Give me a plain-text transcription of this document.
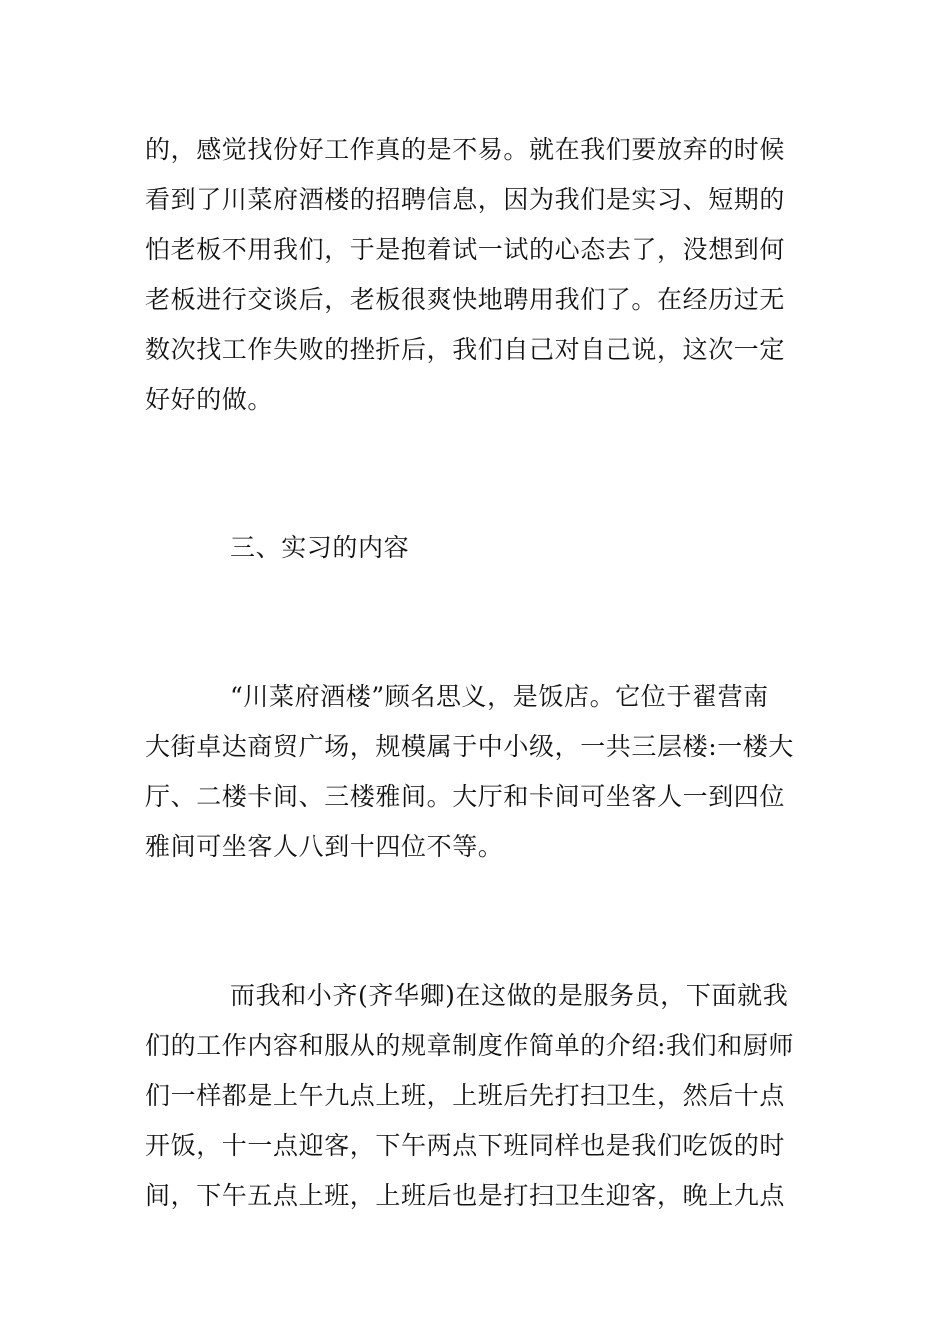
的，感觉找份好工作真的是不易。就在我们要放弃的时候
看到了川菜府酒楼的招聘信息，因为我们是实习、短期的
怕老板不用我们，于是抱着试一试的心态去了，没想到何
老板进行交谈后，老板很爽快地聘用我们了。在经历过无
数次找工作失败的挫折后，我们自己对自己说，这次一定
好好的做。
三、实习的内容
“川菜府酒楼”顾名思义，是饭店。它位于翟营南
大街卓达商贸广场，规模属于中小级，一共三层楼:一楼大
厅、二楼卡间、三楼雅间。大厅和卡间可坐客人一到四位
雅间可坐客人八到十四位不等。
而我和小齐(齐华卿)在这做的是服务员，下面就我
们的工作内容和服从的规章制度作简单的介绍:我们和厨师
们一样都是上午九点上班，上班后先打扫卫生，然后十点
开饭，十一点迎客，下午两点下班同样也是我们吃饭的时
间，下午五点上班，上班后也是打扫卫生迎客，晚上九点
